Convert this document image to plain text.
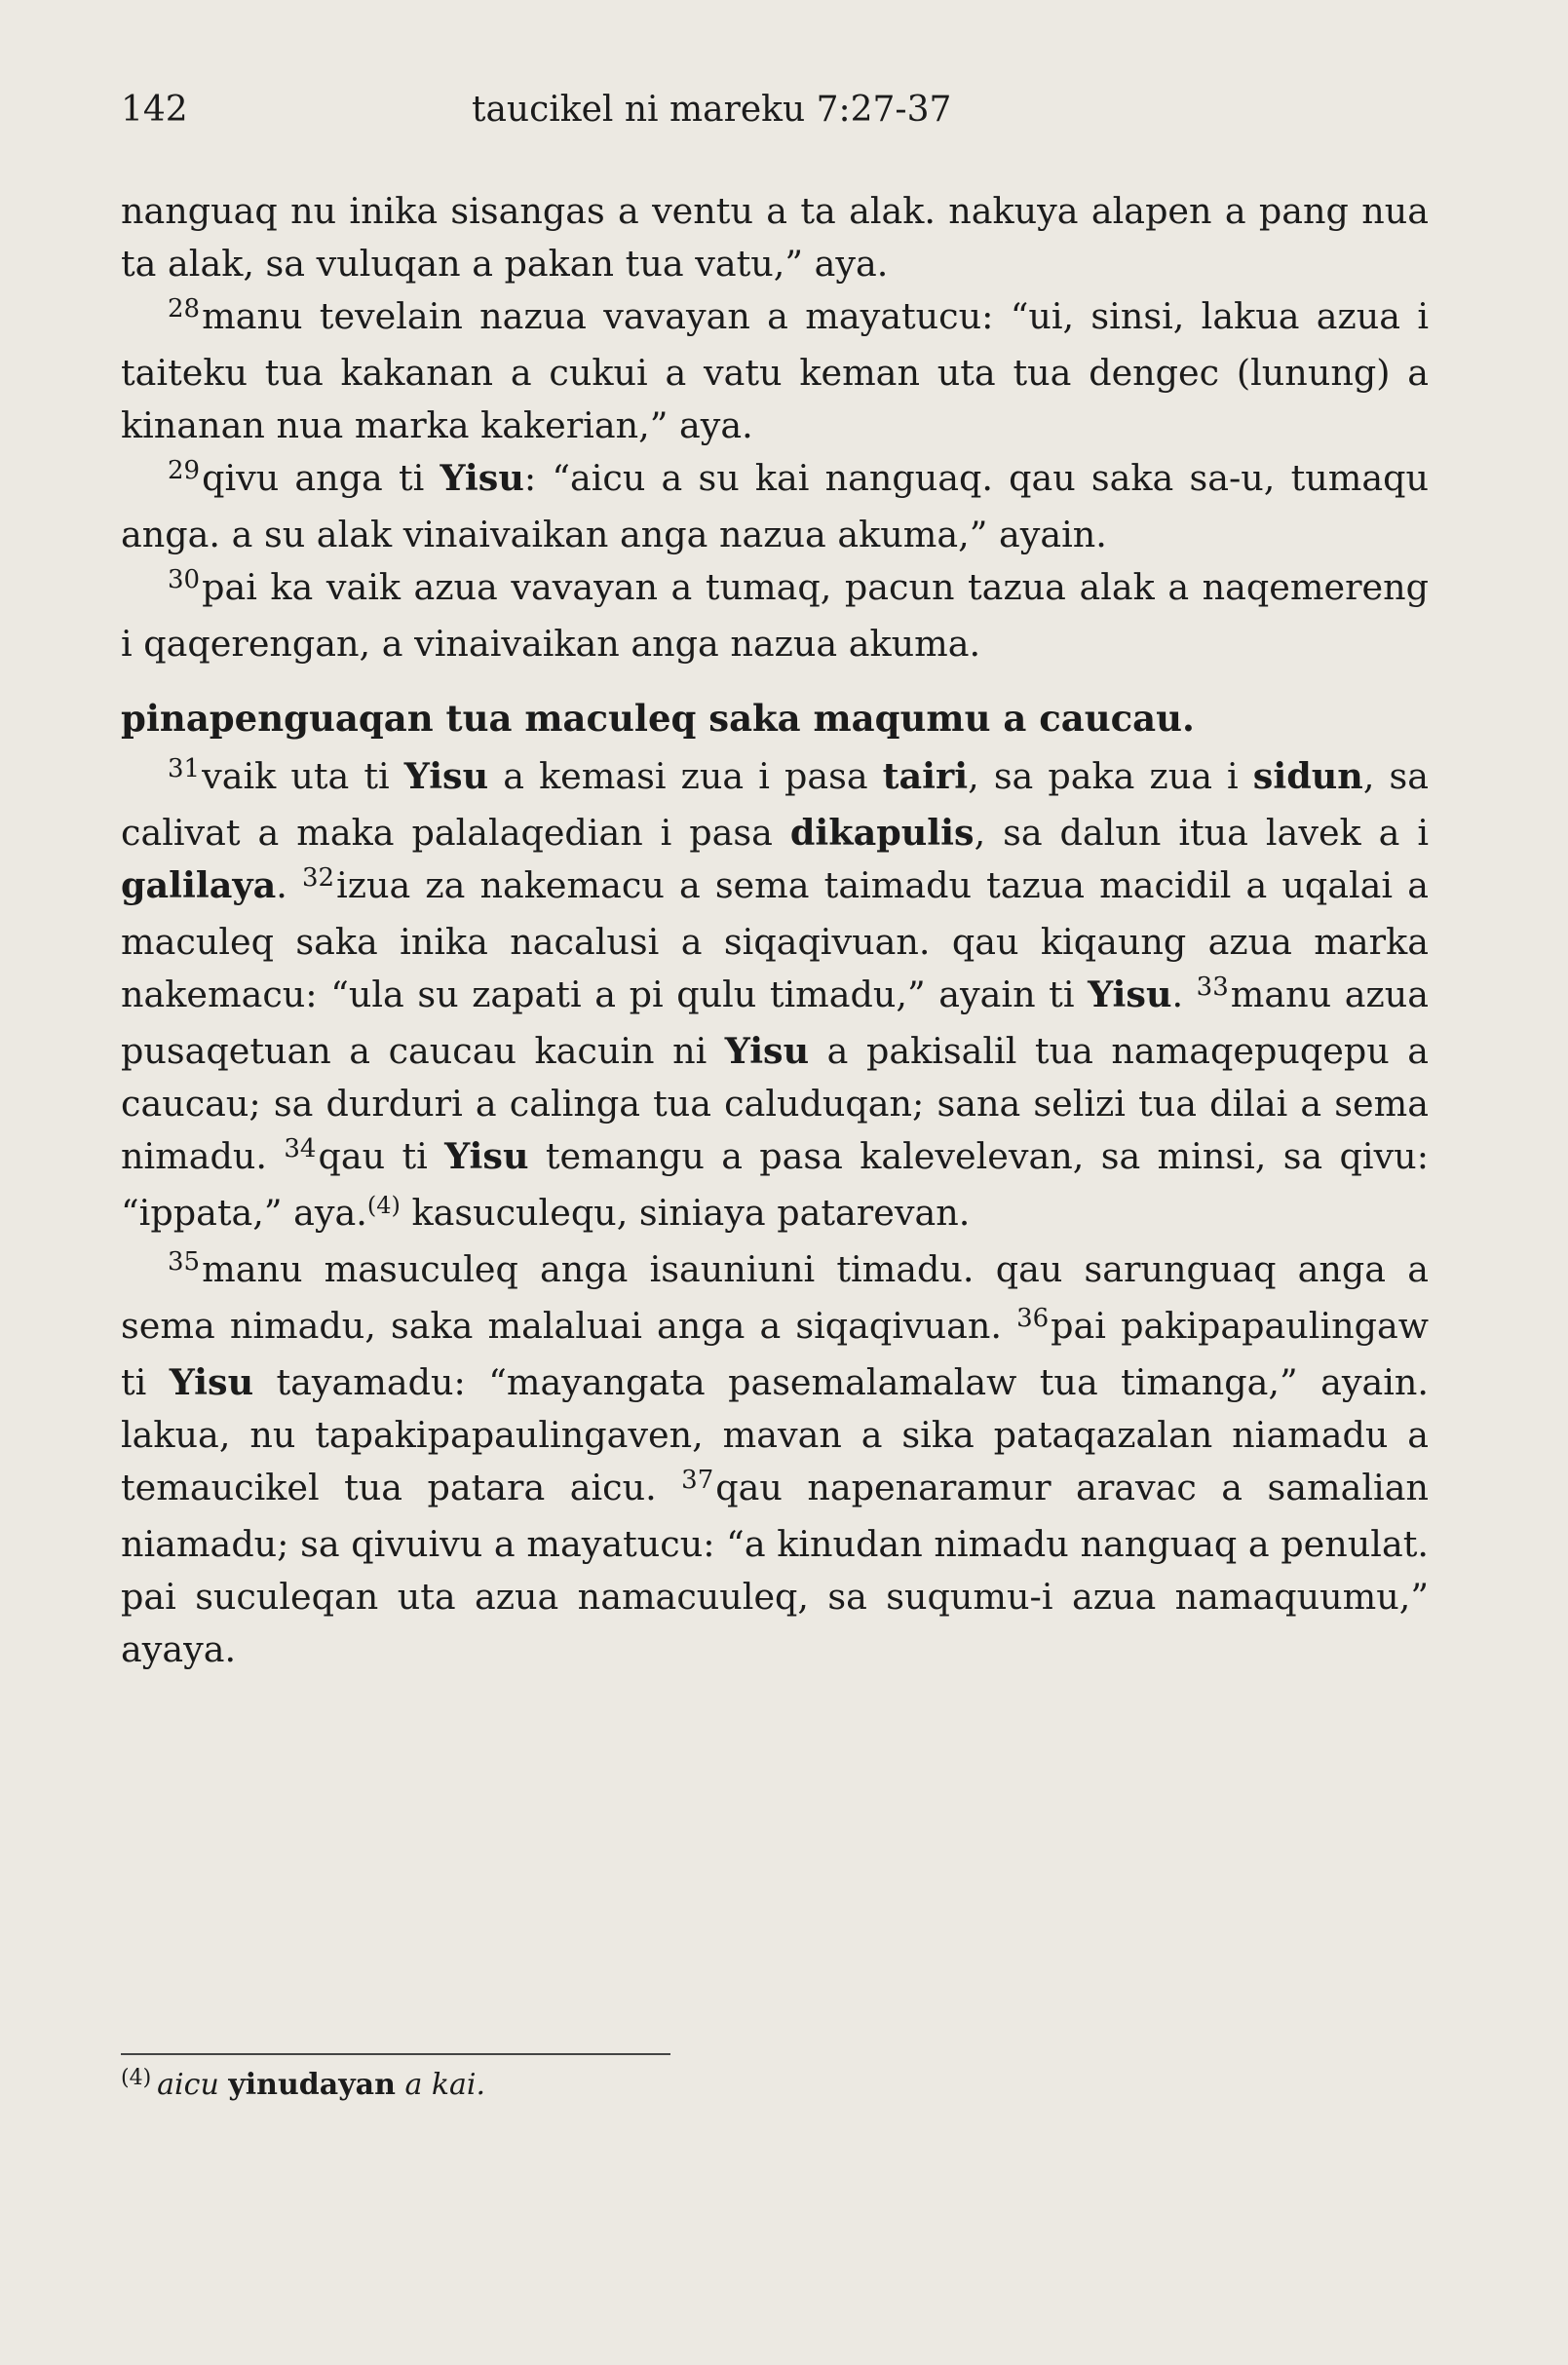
142	taucikel ni mareku 7:27-37

nanguaq nu inika sisangas a ventu a ta alak. nakuya alapen a pang nua ta alak, sa vuluqan a pakan tua vatu,” aya.

$^{28}$manu tevelain nazua vavayan a mayatucu: “ui, sinsi, lakua azua i taiteku tua kakanan a cukui a vatu keman uta tua dengec (lunung) a kinanan nua marka kakerian,” aya.

$^{29}$qivu anga ti Yisu: “aicu a su kai nanguaq. qau saka sa-u, tumaqu anga. a su alak vinaivaikan anga nazua akuma,” ayain.

$^{30}$pai ka vaik azua vavayan a tumaq, pacun tazua alak a naqemereng i qaqerengan, a vinaivaikan anga nazua akuma.

pinapenguaqan tua maculeq saka maqumu a caucau.

$^{31}$vaik uta ti Yisu a kemasi zua i pasa tairi, sa paka zua i sidun, sa calivat a maka palalaqedian i pasa dikapulis, sa dalun itua lavek a i galilaya. $^{32}$izua za nakemacu a sema taimadu tazua macidil a uqalai a maculeq saka inika nacalusi a siqaqivuan. qau kiqaung azua marka nakemacu: “ula su zapati a pi qulu timadu,” ayain ti Yisu. $^{33}$manu azua pusaqetuan a caucau kacuin ni Yisu a pakisalil tua namaqepuqepu a caucau; sa durduri a calinga tua caluduqan; sana selizi tua dilai a sema nimadu. $^{34}$qau ti Yisu temangu a pasa kalevelevan, sa minsi, sa qivu: “ippata,” aya.$^{(4)}$ kasuculequ, siniaya patarevan.

$^{35}$manu masuculeq anga isauniuni timadu. qau sarunguaq anga a sema nimadu, saka malaluai anga a siqaqivuan. $^{36}$pai pakipapaulingaw ti Yisu tayamadu: “mayangata pasemalamalaw tua timanga,” ayain. lakua, nu tapakipapaulingaven, mavan a sika pataqazalan niamadu a temaucikel tua patara aicu. $^{37}$qau napenaramur aravac a samalian niamadu; sa qivuivu a mayatucu: “a kinudan nimadu nanguaq a penulat. pai suculeqan uta azua namacuuleq, sa suqumu-i azua namaquumu,” ayaya.

$^{(4)}$ aicu yinudayan a kai.
